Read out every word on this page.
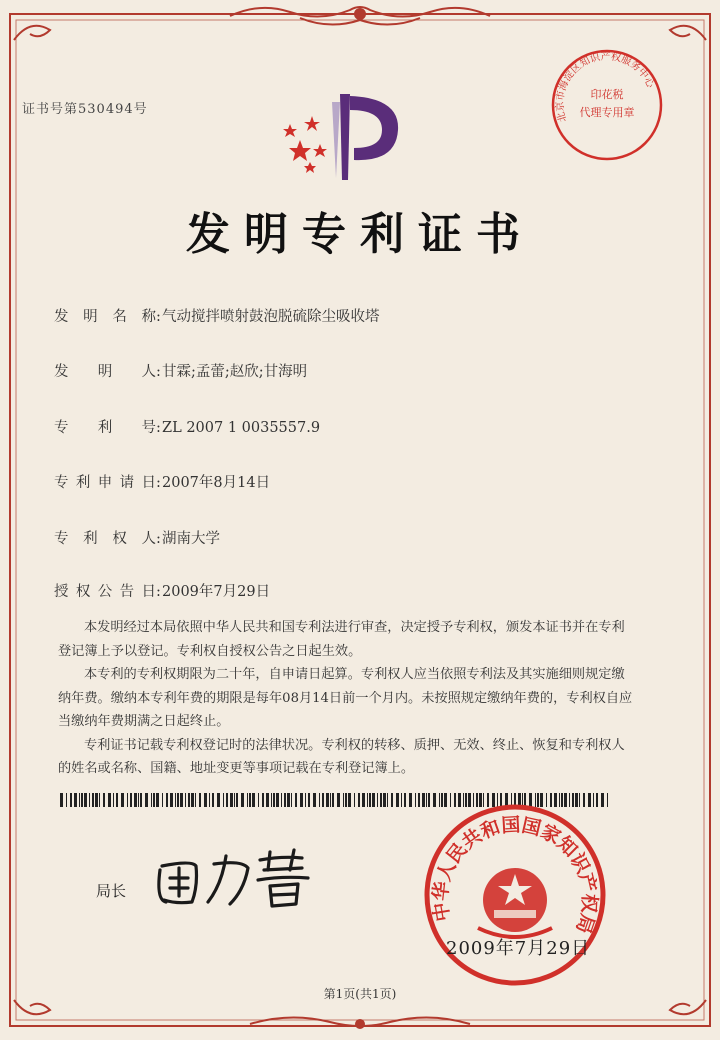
证书号第530494号
发明专利证书
发明名称:气动搅拌喷射鼓泡脱硫除尘吸收塔
发明人:甘霖;孟蕾;赵欣;甘海明
专利号:ZL 2007 1 0035557.9
专利申请日:2007年8月14日
专利权人:湖南大学
授权公告日:2009年7月29日

本发明经过本局依照中华人民共和国专利法进行审查，决定授予专利权，颁发本证书并在专利登记簿上予以登记。专利权自授权公告之日起生效。

本专利的专利权期限为二十年，自申请日起算。专利权人应当依照专利法及其实施细则规定缴纳年费。缴纳本专利年费的期限是每年08月14日前一个月内。未按照规定缴纳年费的，专利权自应当缴纳年费期满之日起终止。

专利证书记载专利权登记时的法律状况。专利权的转移、质押、无效、终止、恢复和专利权人的姓名或名称、国籍、地址变更等事项记载在专利登记簿上。

局长
中华人民共和国国家知识产权局
2009年7月29日
北京市海淀区知识产权服务中心
印花税
代理专用章
第1页(共1页)
